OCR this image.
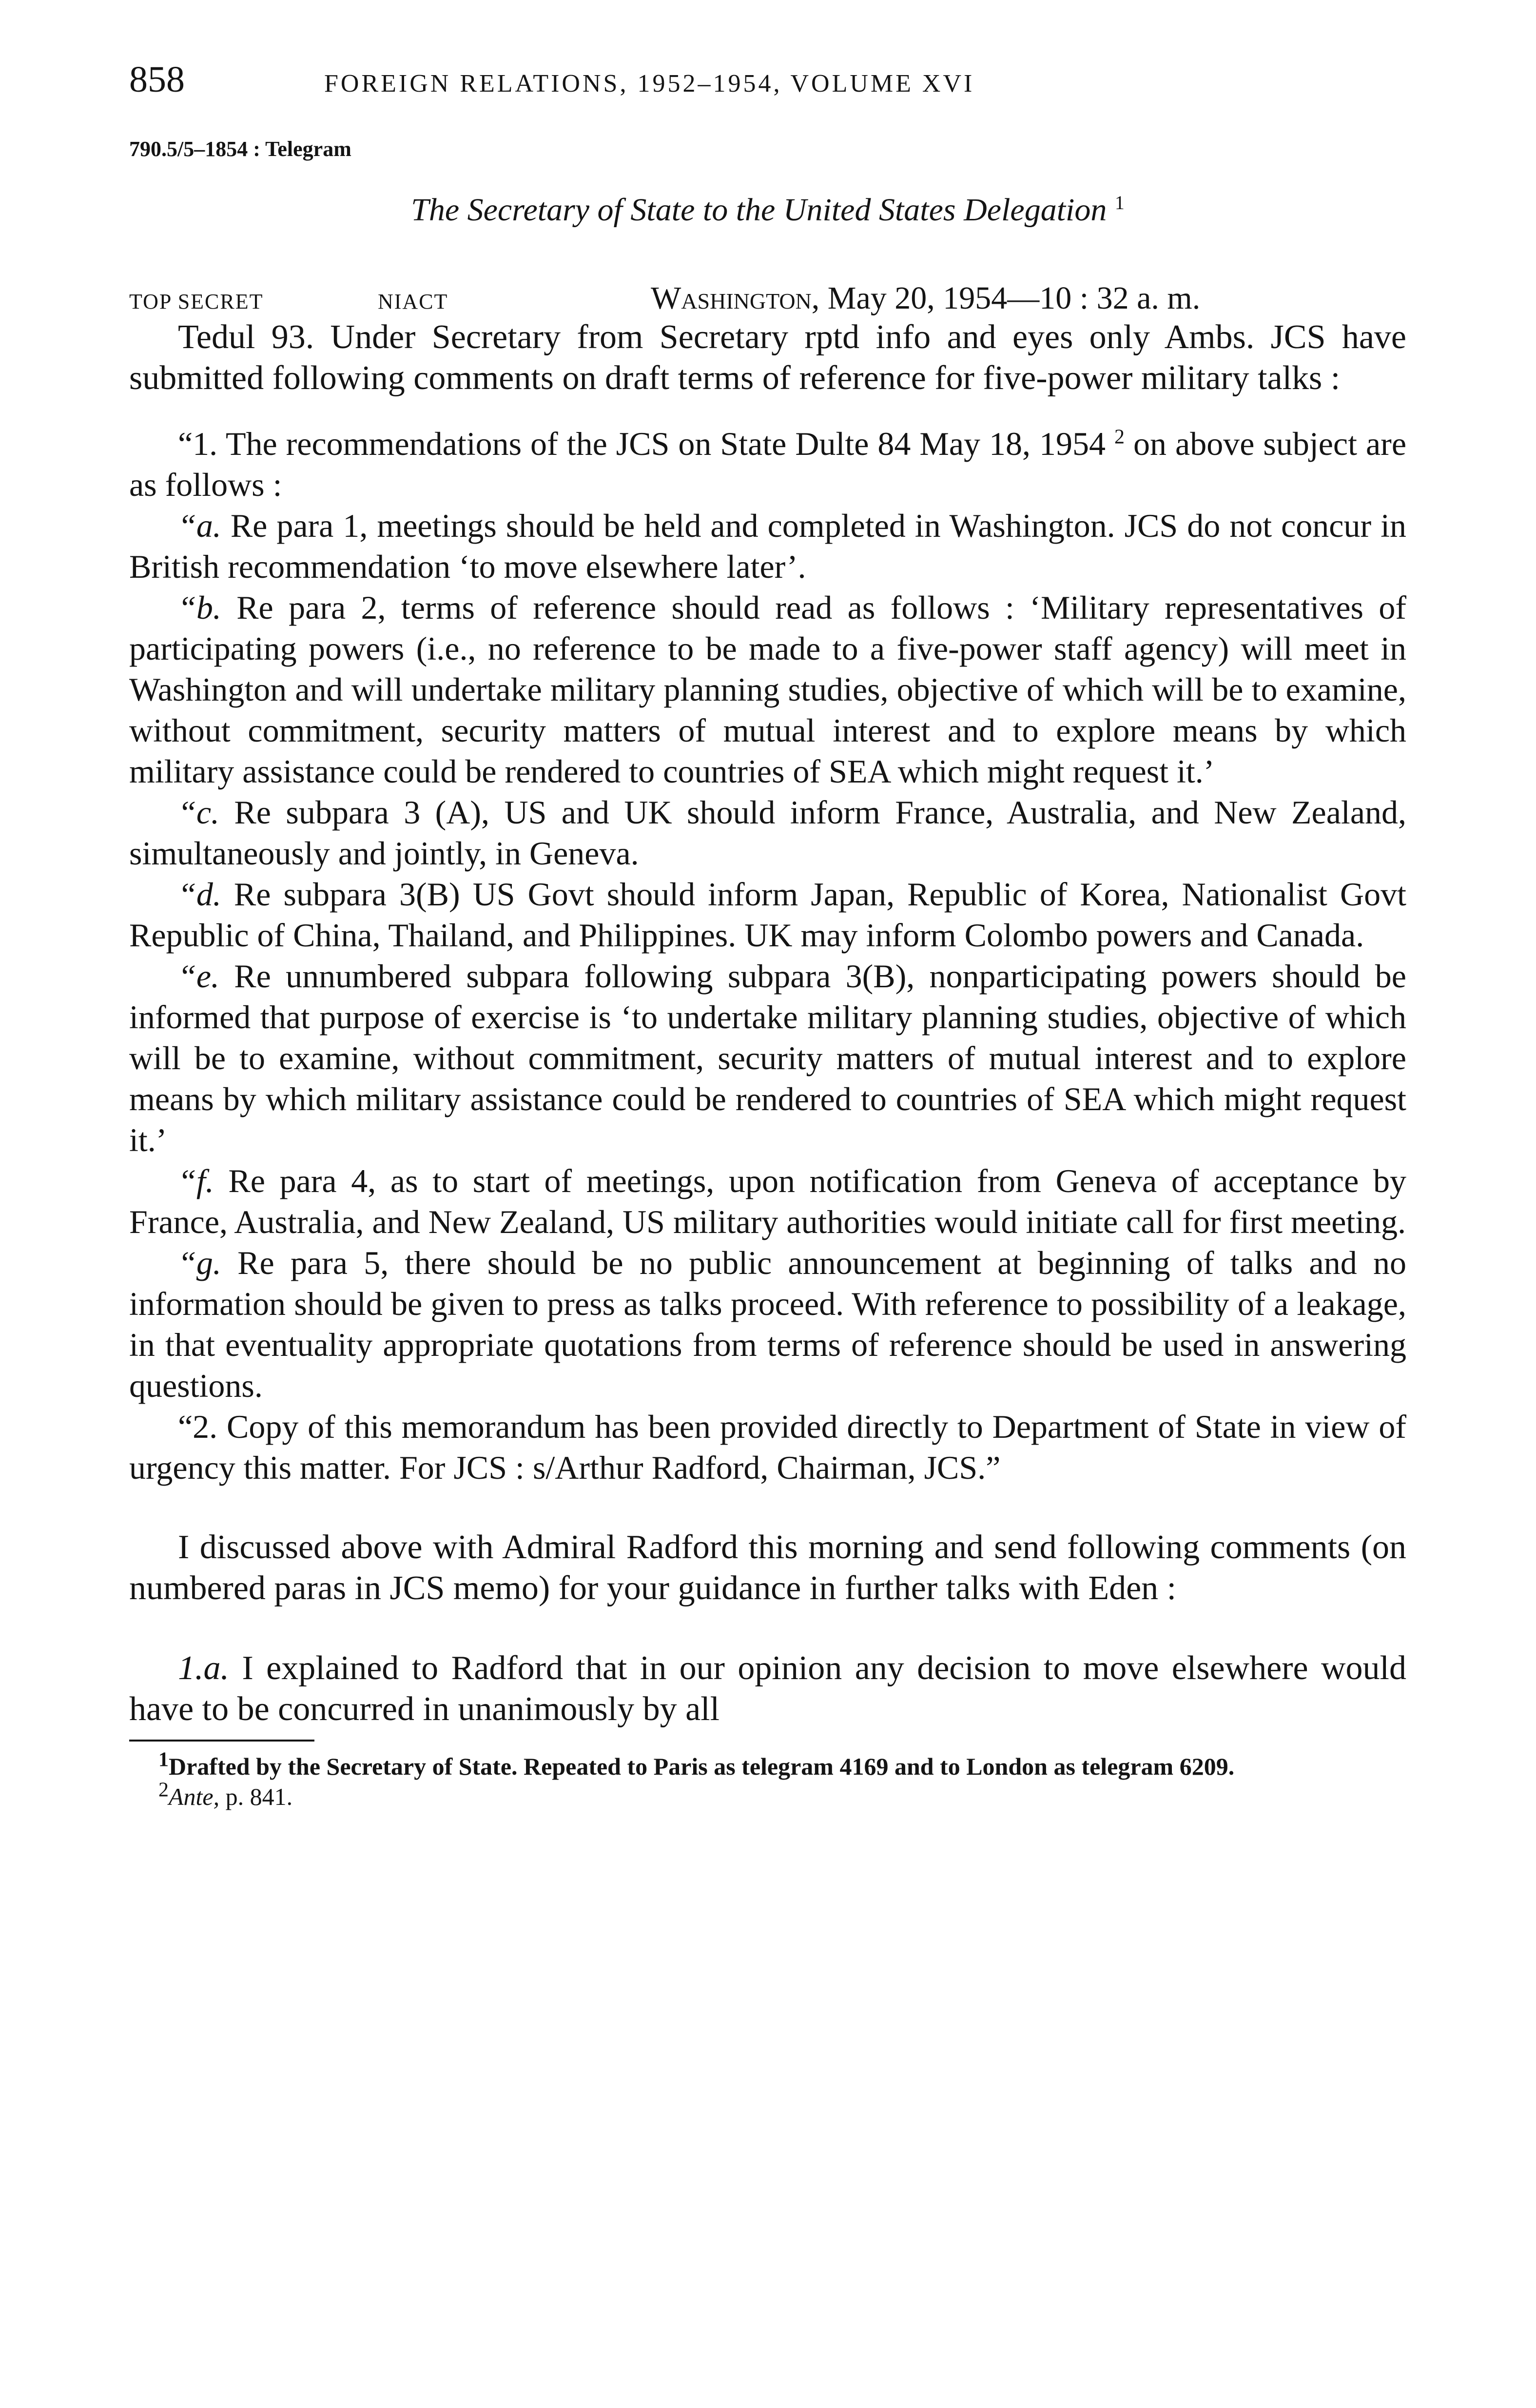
858	FOREIGN RELATIONS, 1952–1954, VOLUME XVI
790.5/5–1854 : Telegram
The Secretary of State to the United States Delegation $^1$
TOP SECRET	NIACT	Washington, May 20, 1954—10 : 32 a. m.

Tedul 93. Under Secretary from Secretary rptd info and eyes only Ambs. JCS have submitted following comments on draft terms of reference for five-power military talks :

“1. The recommendations of the JCS on State Dulte 84 May 18, 1954 $^2$ on above subject are as follows :

“a. Re para 1, meetings should be held and completed in Washington. JCS do not concur in British recommendation ‘to move elsewhere later’.

“b. Re para 2, terms of reference should read as follows : ‘Military representatives of participating powers (i.e., no reference to be made to a five-power staff agency) will meet in Washington and will undertake military planning studies, objective of which will be to examine, without commitment, security matters of mutual interest and to explore means by which military assistance could be rendered to countries of SEA which might request it.’

“c. Re subpara 3 (A), US and UK should inform France, Australia, and New Zealand, simultaneously and jointly, in Geneva.

“d. Re subpara 3(B) US Govt should inform Japan, Republic of Korea, Nationalist Govt Republic of China, Thailand, and Philippines. UK may inform Colombo powers and Canada.

“e. Re unnumbered subpara following subpara 3(B), nonparticipating powers should be informed that purpose of exercise is ‘to undertake military planning studies, objective of which will be to examine, without commitment, security matters of mutual interest and to explore means by which military assistance could be rendered to countries of SEA which might request it.’

“f. Re para 4, as to start of meetings, upon notification from Geneva of acceptance by France, Australia, and New Zealand, US military authorities would initiate call for first meeting.

“g. Re para 5, there should be no public announcement at beginning of talks and no information should be given to press as talks proceed. With reference to possibility of a leakage, in that eventuality appropriate quotations from terms of reference should be used in answering questions.

“2. Copy of this memorandum has been provided directly to Department of State in view of urgency this matter. For JCS : s/Arthur Radford, Chairman, JCS.”

I discussed above with Admiral Radford this morning and send following comments (on numbered paras in JCS memo) for your guidance in further talks with Eden :

1.a. I explained to Radford that in our opinion any decision to move elsewhere would have to be concurred in unanimously by all

$^1$Drafted by the Secretary of State. Repeated to Paris as telegram 4169 and to London as telegram 6209.

$^2$Ante, p. 841.
